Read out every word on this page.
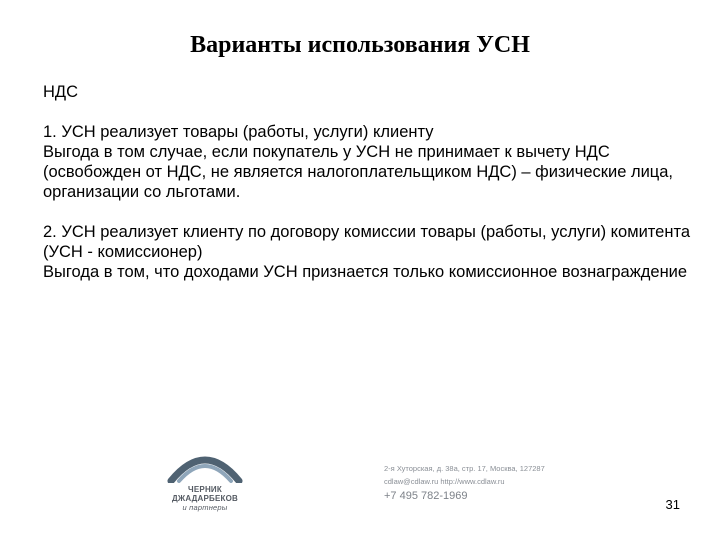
Варианты использования УСН

НДС

1. УСН реализует товары (работы, услуги) клиенту

Выгода в том случае, если покупатель у УСН не принимает к вычету НДС (освобожден от НДС, не является налогоплательщиком НДС) – физические лица, организации со льготами.

2. УСН реализует клиенту по договору комиссии товары (работы, услуги) комитента (УСН - комиссионер)

Выгода в том, что доходами УСН признается только комиссионное вознаграждение

ЧЕРНИК
ДЖАДАРБЕКОВ
и партнеры
2-я Хуторская, д. 38а, стр. 17, Москва, 127287
cdlaw@cdlaw.ru http://www.cdlaw.ru
+7 495 782-1969
31
